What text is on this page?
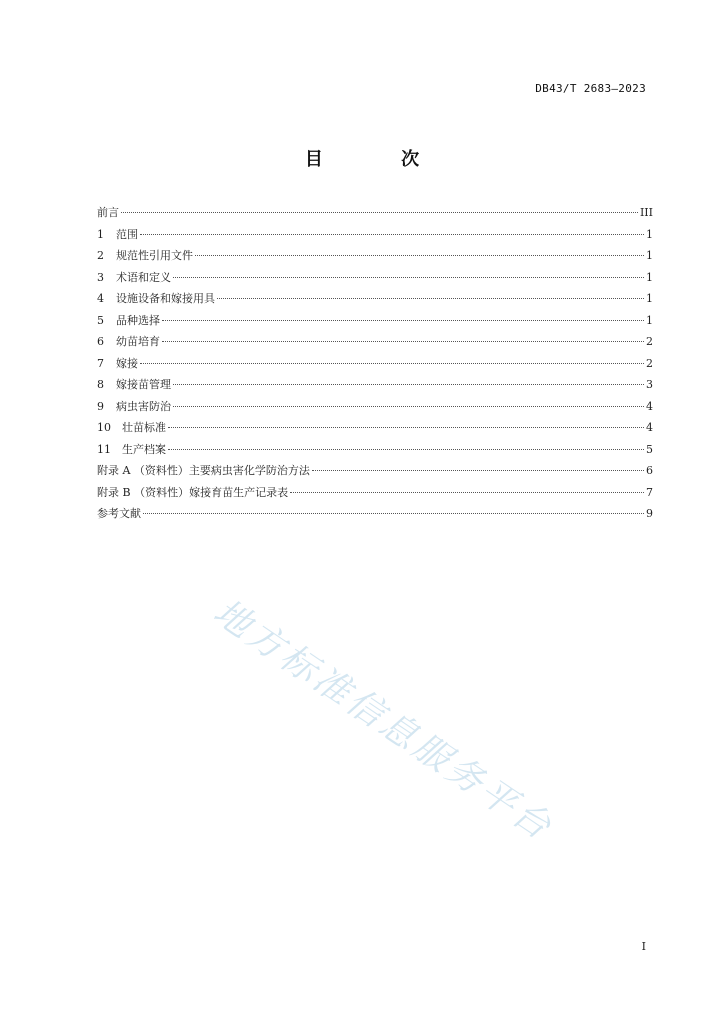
DB43/T 2683—2023
目 次
前言	III
1	范围	1
2	规范性引用文件	1
3	术语和定义	1
4	设施设备和嫁接用具	1
5	品种选择	1
6	幼苗培育	2
7	嫁接	2
8	嫁接苗管理	3
9	病虫害防治	4
10	壮苗标准	4
11	生产档案	5
附录 A （资料性）主要病虫害化学防治方法	6
附录 B （资料性）嫁接育苗生产记录表	7
参考文献	9
地方标准信息服务平台
I
